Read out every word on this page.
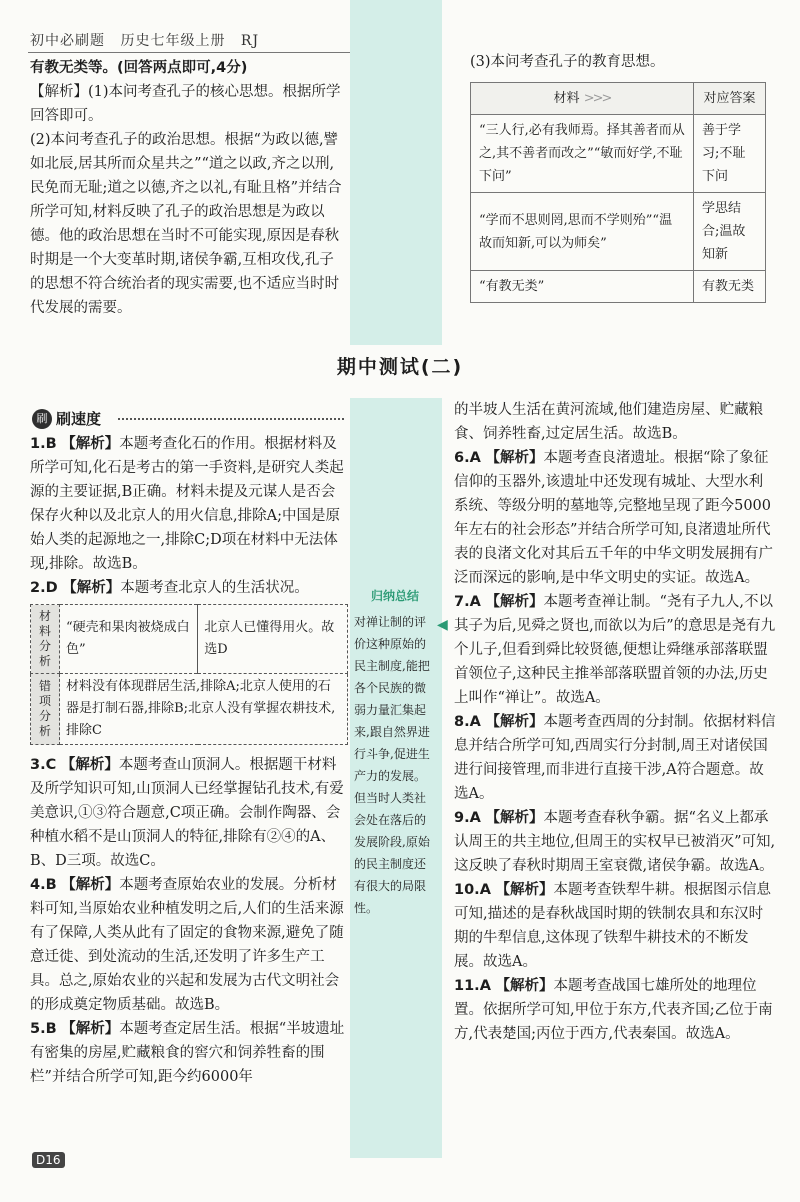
初中必刷题 历史七年级上册 RJ

有教无类等。(回答两点即可,4分)

【解析】(1)本问考查孔子的核心思想。根据所学回答即可。

(2)本问考查孔子的政治思想。根据“为政以德,譬如北辰,居其所而众星共之”“道之以政,齐之以刑,民免而无耻;道之以德,齐之以礼,有耻且格”并结合所学可知,材料反映了孔子的政治思想是为政以德。他的政治思想在当时不可能实现,原因是春秋时期是一个大变革时期,诸侯争霸,互相攻伐,孔子的思想不符合统治者的现实需要,也不适应当时时代发展的需要。

(3)本问考查孔子的教育思想。

材料 >>>	对应答案
“三人行,必有我师焉。择其善者而从之,其不善者而改之”“敏而好学,不耻下问”	善于学习;不耻下问
“学而不思则罔,思而不学则殆”“温故而知新,可以为师矣”	学思结合;温故知新
“有教无类”	有教无类
期中测试(二)
刷 刷速度
归纳总结
对禅让制的评价这种原始的民主制度,能把各个民族的微弱力量汇集起来,跟自然界进行斗争,促进生产力的发展。但当时人类社会处在落后的发展阶段,原始的民主制度还有很大的局限性。
◀

1.B 【解析】本题考查化石的作用。根据材料及所学可知,化石是考古的第一手资料,是研究人类起源的主要证据,B正确。材料未提及元谋人是否会保存火种以及北京人的用火信息,排除A;中国是原始人类的起源地之一,排除C;D项在材料中无法体现,排除。故选B。

2.D 【解析】本题考查北京人的生活状况。

材料分析	“硬壳和果肉被烧成白色”	北京人已懂得用火。故选D
错项分析	材料没有体现群居生活,排除A;北京人使用的石器是打制石器,排除B;北京人没有掌握农耕技术,排除C	

3.C 【解析】本题考查山顶洞人。根据题干材料及所学知识可知,山顶洞人已经掌握钻孔技术,有爱美意识,①③符合题意,C项正确。会制作陶器、会种植水稻不是山顶洞人的特征,排除有②④的A、B、D三项。故选C。

4.B 【解析】本题考查原始农业的发展。分析材料可知,当原始农业种植发明之后,人们的生活来源有了保障,人类从此有了固定的食物来源,避免了随意迁徙、到处流动的生活,还发明了许多生产工具。总之,原始农业的兴起和发展为古代文明社会的形成奠定物质基础。故选B。

5.B 【解析】本题考查定居生活。根据“半坡遗址有密集的房屋,贮藏粮食的窖穴和饲养牲畜的围栏”并结合所学可知,距今约6000年

的半坡人生活在黄河流域,他们建造房屋、贮藏粮食、饲养牲畜,过定居生活。故选B。

6.A 【解析】本题考查良渚遗址。根据“除了象征信仰的玉器外,该遗址中还发现有城址、大型水利系统、等级分明的墓地等,完整地呈现了距今5000年左右的社会形态”并结合所学可知,良渚遗址所代表的良渚文化对其后五千年的中华文明发展拥有广泛而深远的影响,是中华文明史的实证。故选A。

7.A 【解析】本题考查禅让制。“尧有子九人,不以其子为后,见舜之贤也,而欲以为后”的意思是尧有九个儿子,但看到舜比较贤德,便想让舜继承部落联盟首领位子,这种民主推举部落联盟首领的办法,历史上叫作“禅让”。故选A。

8.A 【解析】本题考查西周的分封制。依据材料信息并结合所学可知,西周实行分封制,周王对诸侯国进行间接管理,而非进行直接干涉,A符合题意。故选A。

9.A 【解析】本题考查春秋争霸。据“名义上都承认周王的共主地位,但周王的实权早已被消灭”可知,这反映了春秋时期周王室衰微,诸侯争霸。故选A。

10.A 【解析】本题考查铁犁牛耕。根据图示信息可知,描述的是春秋战国时期的铁制农具和东汉时期的牛犁信息,这体现了铁犁牛耕技术的不断发展。故选A。

11.A 【解析】本题考查战国七雄所处的地理位置。依据所学可知,甲位于东方,代表齐国;乙位于南方,代表楚国;丙位于西方,代表秦国。故选A。

D16
